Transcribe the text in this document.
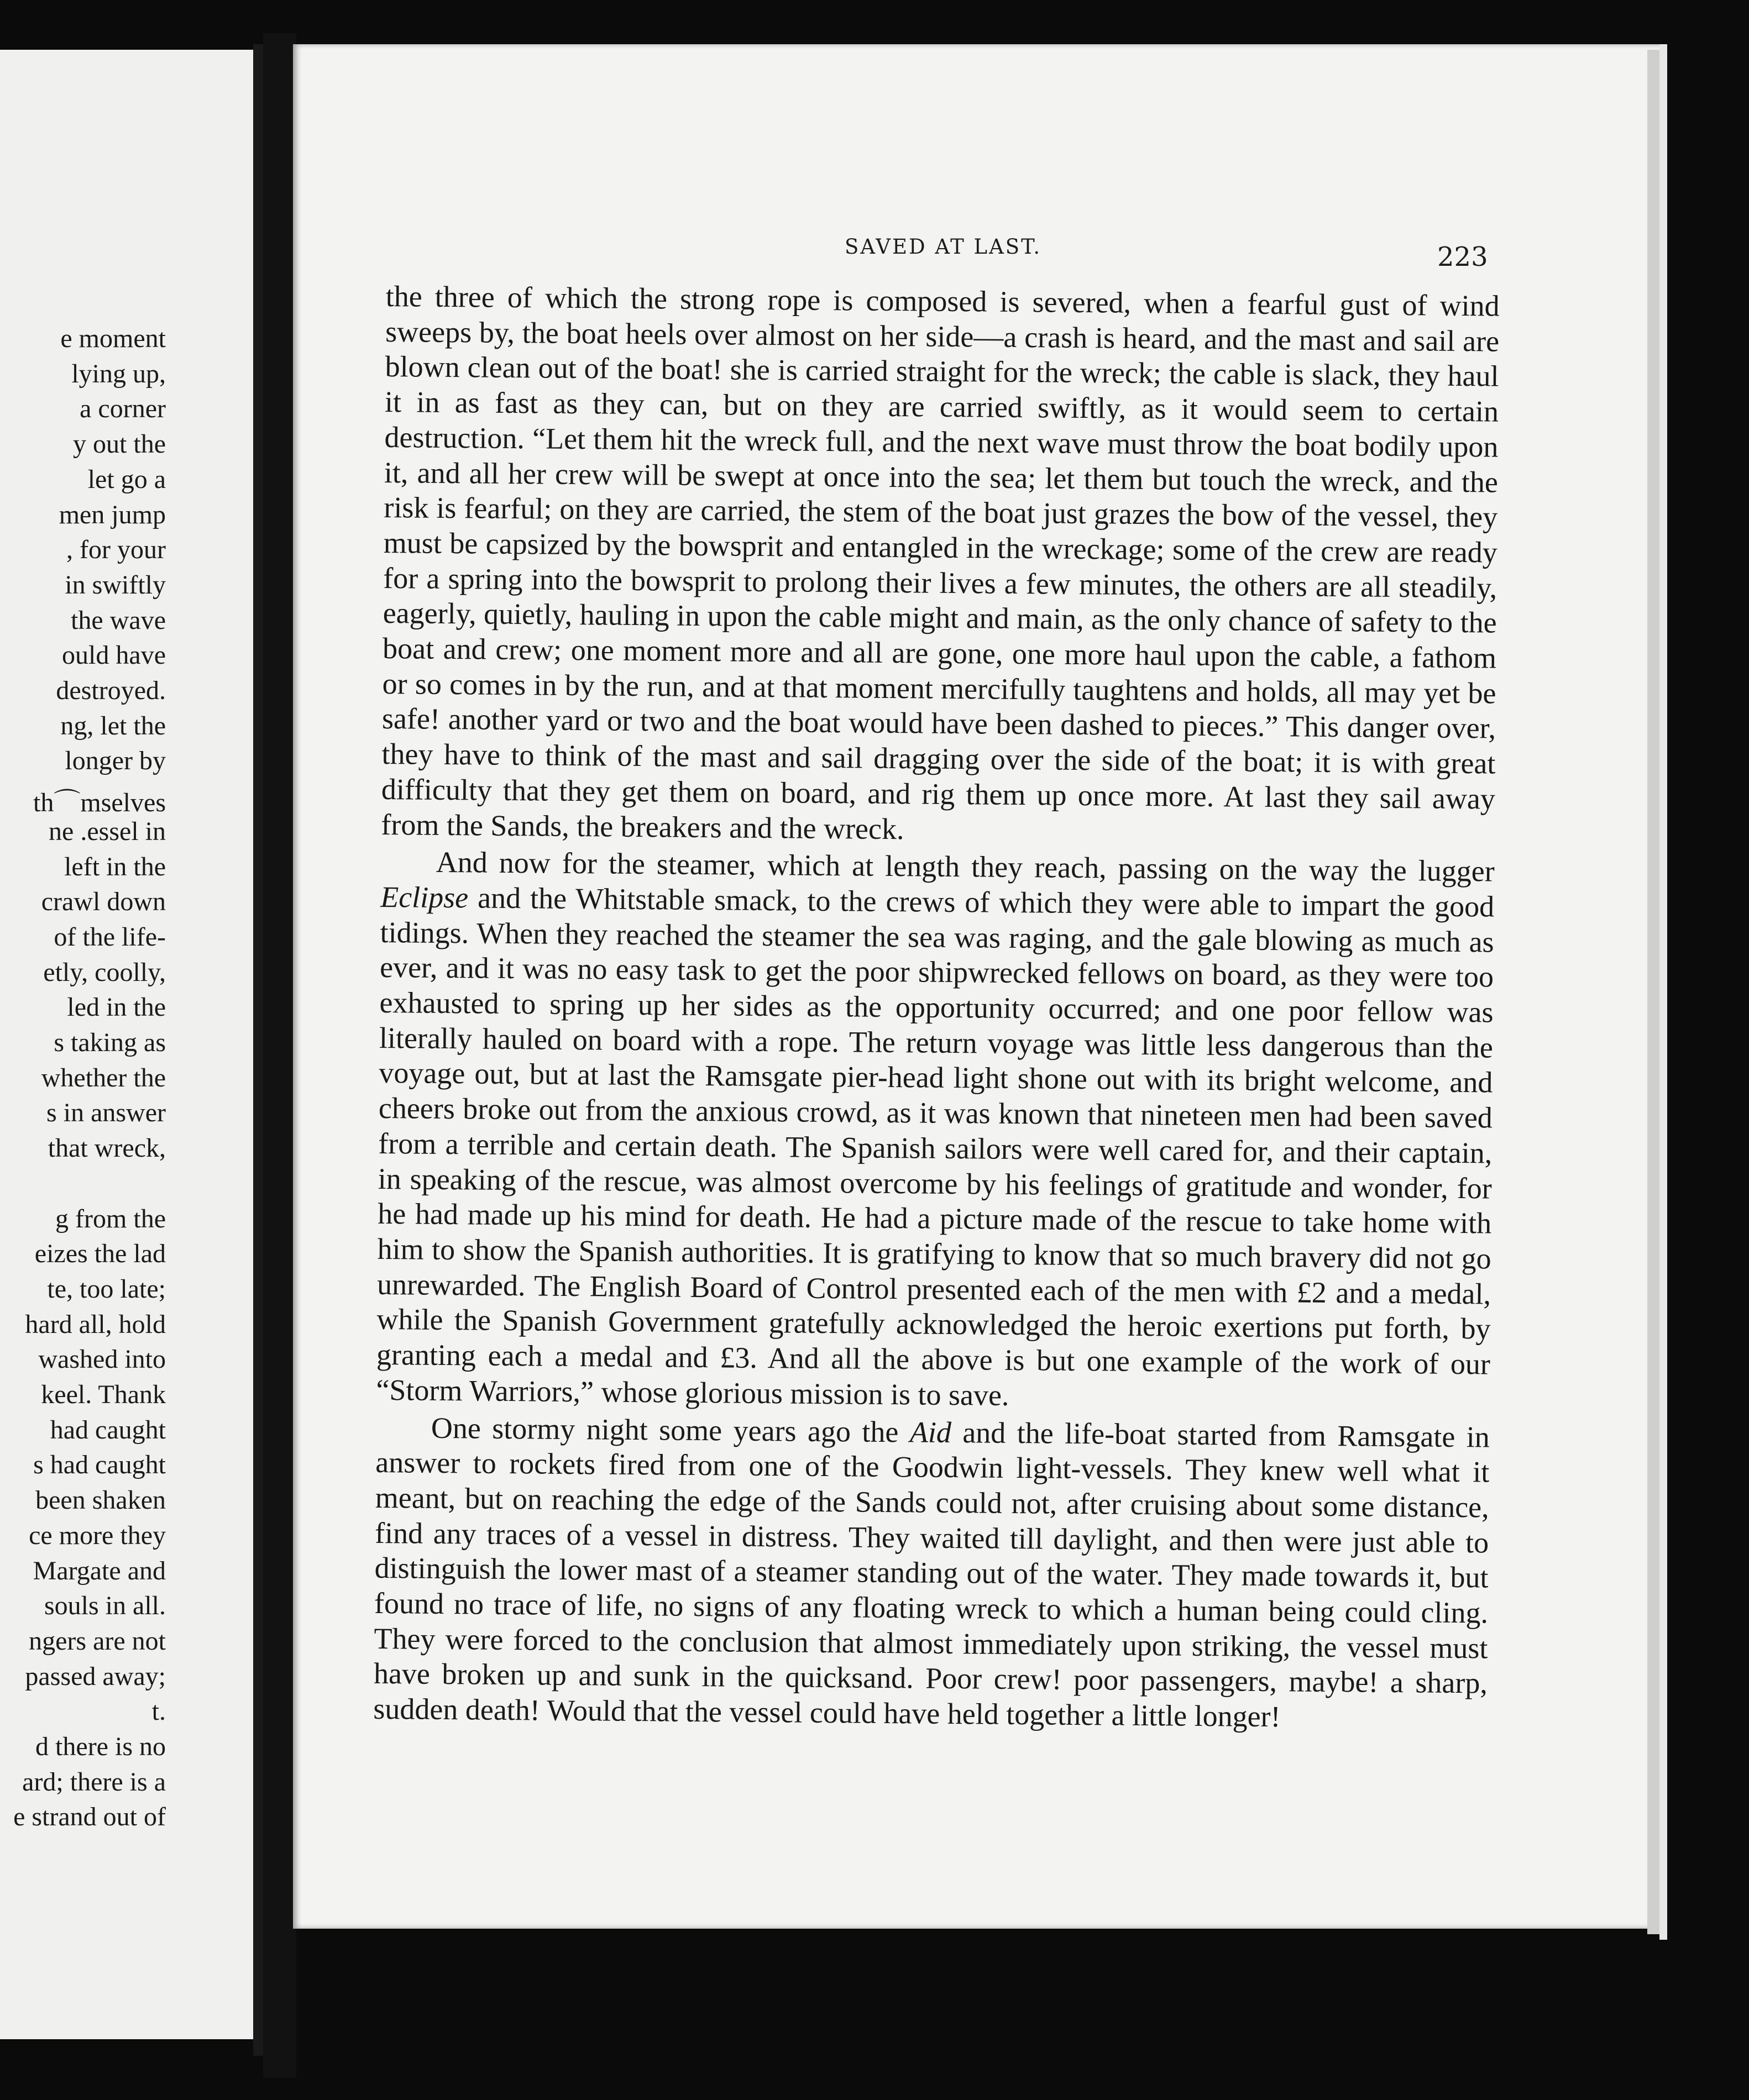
e moment
lying up,
a corner
y out the
let go a
men jump
, for your
in swiftly
the wave
ould have
destroyed.
ng, let the
longer by
th⌒mselves
ne .essel in
left in the
crawl down
of the life-
etly, coolly,
led in the
s taking as
whether the
s in answer
that wreck,
g from the
eizes the lad
te, too late;
hard all, hold
washed into
keel. Thank
had caught
s had caught
been shaken
ce more they
Margate and
souls in all.
ngers are not
passed away;
t.
d there is no
ard; there is a
e strand out of
SAVED AT LAST.	223

the three of which the strong rope is composed is severed, when a fearful gust of wind sweeps by, the boat heels over almost on her side—a crash is heard, and the mast and sail are blown clean out of the boat! she is carried straight for the wreck; the cable is slack, they haul it in as fast as they can, but on they are carried swiftly, as it would seem to certain destruction. “Let them hit the wreck full, and the next wave must throw the boat bodily upon it, and all her crew will be swept at once into the sea; let them but touch the wreck, and the risk is fearful; on they are carried, the stem of the boat just grazes the bow of the vessel, they must be capsized by the bowsprit and entangled in the wreckage; some of the crew are ready for a spring into the bowsprit to prolong their lives a few minutes, the others are all steadily, eagerly, quietly, hauling in upon the cable might and main, as the only chance of safety to the boat and crew; one moment more and all are gone, one more haul upon the cable, a fathom or so comes in by the run, and at that moment mercifully taughtens and holds, all may yet be safe! another yard or two and the boat would have been dashed to pieces.” This danger over, they have to think of the mast and sail dragging over the side of the boat; it is with great difficulty that they get them on board, and rig them up once more. At last they sail away from the Sands, the breakers and the wreck.

And now for the steamer, which at length they reach, passing on the way the lugger Eclipse and the Whitstable smack, to the crews of which they were able to impart the good tidings. When they reached the steamer the sea was raging, and the gale blowing as much as ever, and it was no easy task to get the poor shipwrecked fellows on board, as they were too exhausted to spring up her sides as the opportunity occurred; and one poor fellow was literally hauled on board with a rope. The return voyage was little less dangerous than the voyage out, but at last the Ramsgate pier-head light shone out with its bright welcome, and cheers broke out from the anxious crowd, as it was known that nineteen men had been saved from a terrible and certain death. The Spanish sailors were well cared for, and their captain, in speaking of the rescue, was almost overcome by his feelings of gratitude and wonder, for he had made up his mind for death. He had a picture made of the rescue to take home with him to show the Spanish authorities. It is gratifying to know that so much bravery did not go unrewarded. The English Board of Control presented each of the men with £2 and a medal, while the Spanish Government gratefully acknowledged the heroic exertions put forth, by granting each a medal and £3. And all the above is but one example of the work of our “Storm Warriors,” whose glorious mission is to save.

One stormy night some years ago the Aid and the life-boat started from Ramsgate in answer to rockets fired from one of the Goodwin light-vessels. They knew well what it meant, but on reaching the edge of the Sands could not, after cruising about some distance, find any traces of a vessel in distress. They waited till daylight, and then were just able to distinguish the lower mast of a steamer standing out of the water. They made towards it, but found no trace of life, no signs of any floating wreck to which a human being could cling. They were forced to the conclusion that almost immediately upon striking, the vessel must have broken up and sunk in the quicksand. Poor crew! poor passengers, maybe! a sharp, sudden death! Would that the vessel could have held together a little longer!
